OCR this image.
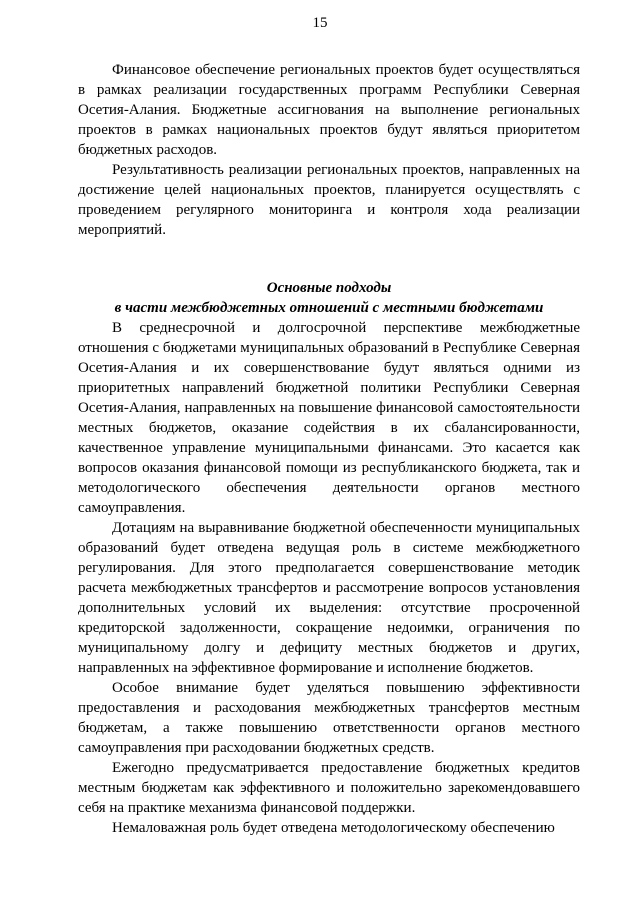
15

Финансовое обеспечение региональных проектов будет осуществляться в рамках реализации государственных программ Республики Северная Осетия-Алания. Бюджетные ассигнования на выполнение региональных проектов в рамках национальных проектов будут являться приоритетом бюджетных расходов.

Результативность реализации региональных проектов, направленных на достижение целей национальных проектов, планируется осуществлять с проведением регулярного мониторинга и контроля хода реализации мероприятий.

Основные подходы
в части межбюджетных отношений с местными бюджетами

В среднесрочной и долгосрочной перспективе межбюджетные отношения с бюджетами муниципальных образований в Республике Северная Осетия-Алания и их совершенствование будут являться одними из приоритетных направлений бюджетной политики Республики Северная Осетия-Алания, направленных на повышение финансовой самостоятельности местных бюджетов, оказание содействия в их сбалансированности, качественное управление муниципальными финансами. Это касается как вопросов оказания финансовой помощи из республиканского бюджета, так и методологического обеспечения деятельности органов местного самоуправления.

Дотациям на выравнивание бюджетной обеспеченности муниципальных образований будет отведена ведущая роль в системе межбюджетного регулирования. Для этого предполагается совершенствование методик расчета межбюджетных трансфертов и рассмотрение вопросов установления дополнительных условий их выделения: отсутствие просроченной кредиторской задолженности, сокращение недоимки, ограничения по муниципальному долгу и дефициту местных бюджетов и других, направленных на эффективное формирование и исполнение бюджетов.

Особое внимание будет уделяться повышению эффективности предоставления и расходования межбюджетных трансфертов местным бюджетам, а также повышению ответственности органов местного самоуправления при расходовании бюджетных средств.

Ежегодно предусматривается предоставление бюджетных кредитов местным бюджетам как эффективного и положительно зарекомендовавшего себя на практике механизма финансовой поддержки.

Немаловажная роль будет отведена методологическому обеспечению
